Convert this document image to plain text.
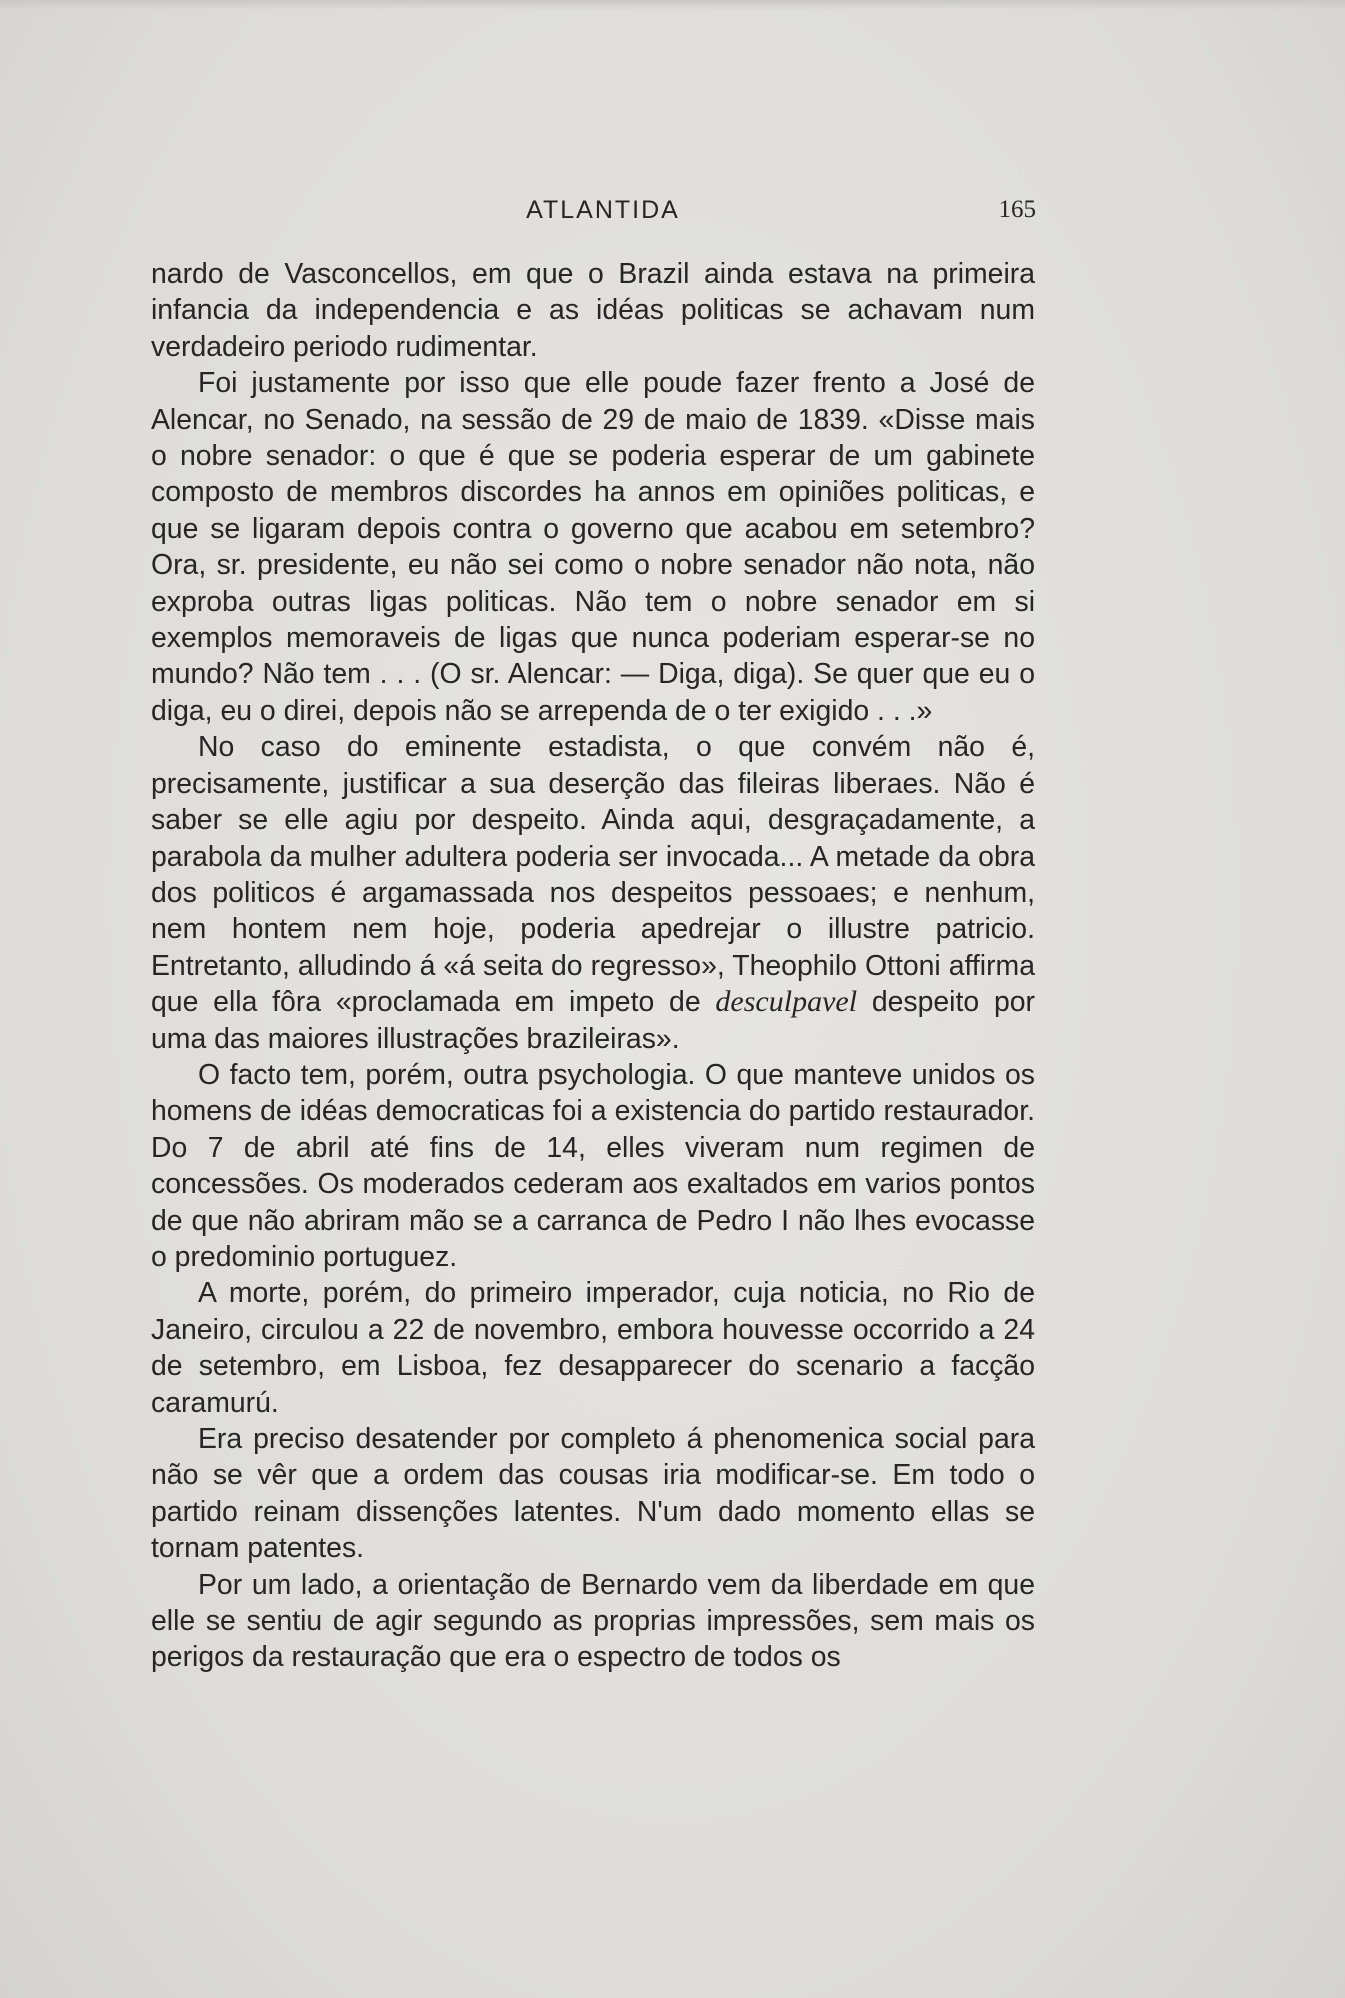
ATLANTIDA	165

nardo de Vasconcellos, em que o Brazil ainda estava na primeira infancia da independencia e as idéas politicas se achavam num verdadeiro periodo rudimentar.

Foi justamente por isso que elle poude fazer frento a José de Alencar, no Senado, na sessão de 29 de maio de 1839. «Disse mais o nobre senador: o que é que se poderia esperar de um gabinete composto de membros discordes ha annos em opiniões politicas, e que se ligaram depois contra o governo que acabou em setembro? Ora, sr. presidente, eu não sei como o nobre senador não nota, não exproba outras ligas politicas. Não tem o nobre senador em si exemplos memoraveis de ligas que nunca poderiam esperar-se no mundo? Não tem . . . (O sr. Alencar: — Diga, diga). Se quer que eu o diga, eu o direi, depois não se arrependa de o ter exigido . . .»

No caso do eminente estadista, o que convém não é, precisamente, justificar a sua deserção das fileiras liberaes. Não é saber se elle agiu por despeito. Ainda aqui, desgraçadamente, a parabola da mulher adultera poderia ser invocada... A metade da obra dos politicos é argamassada nos despeitos pessoaes; e nenhum, nem hontem nem hoje, poderia apedrejar o illustre patricio. Entretanto, alludindo á «á seita do regresso», Theophilo Ottoni affirma que ella fôra «proclamada em impeto de desculpavel despeito por uma das maiores illustrações brazileiras».

O facto tem, porém, outra psychologia. O que manteve unidos os homens de idéas democraticas foi a existencia do partido restaurador. Do 7 de abril até fins de 14, elles viveram num regimen de concessões. Os moderados cederam aos exaltados em varios pontos de que não abriram mão se a carranca de Pedro I não lhes evocasse o predominio portuguez.

A morte, porém, do primeiro imperador, cuja noticia, no Rio de Janeiro, circulou a 22 de novembro, embora houvesse occorrido a 24 de setembro, em Lisboa, fez desapparecer do scenario a facção caramurú.

Era preciso desatender por completo á phenomenica social para não se vêr que a ordem das cousas iria modificar-se. Em todo o partido reinam dissenções latentes. N'um dado momento ellas se tornam patentes.

Por um lado, a orientação de Bernardo vem da liberdade em que elle se sentiu de agir segundo as proprias impressões, sem mais os perigos da restauração que era o espectro de todos os
